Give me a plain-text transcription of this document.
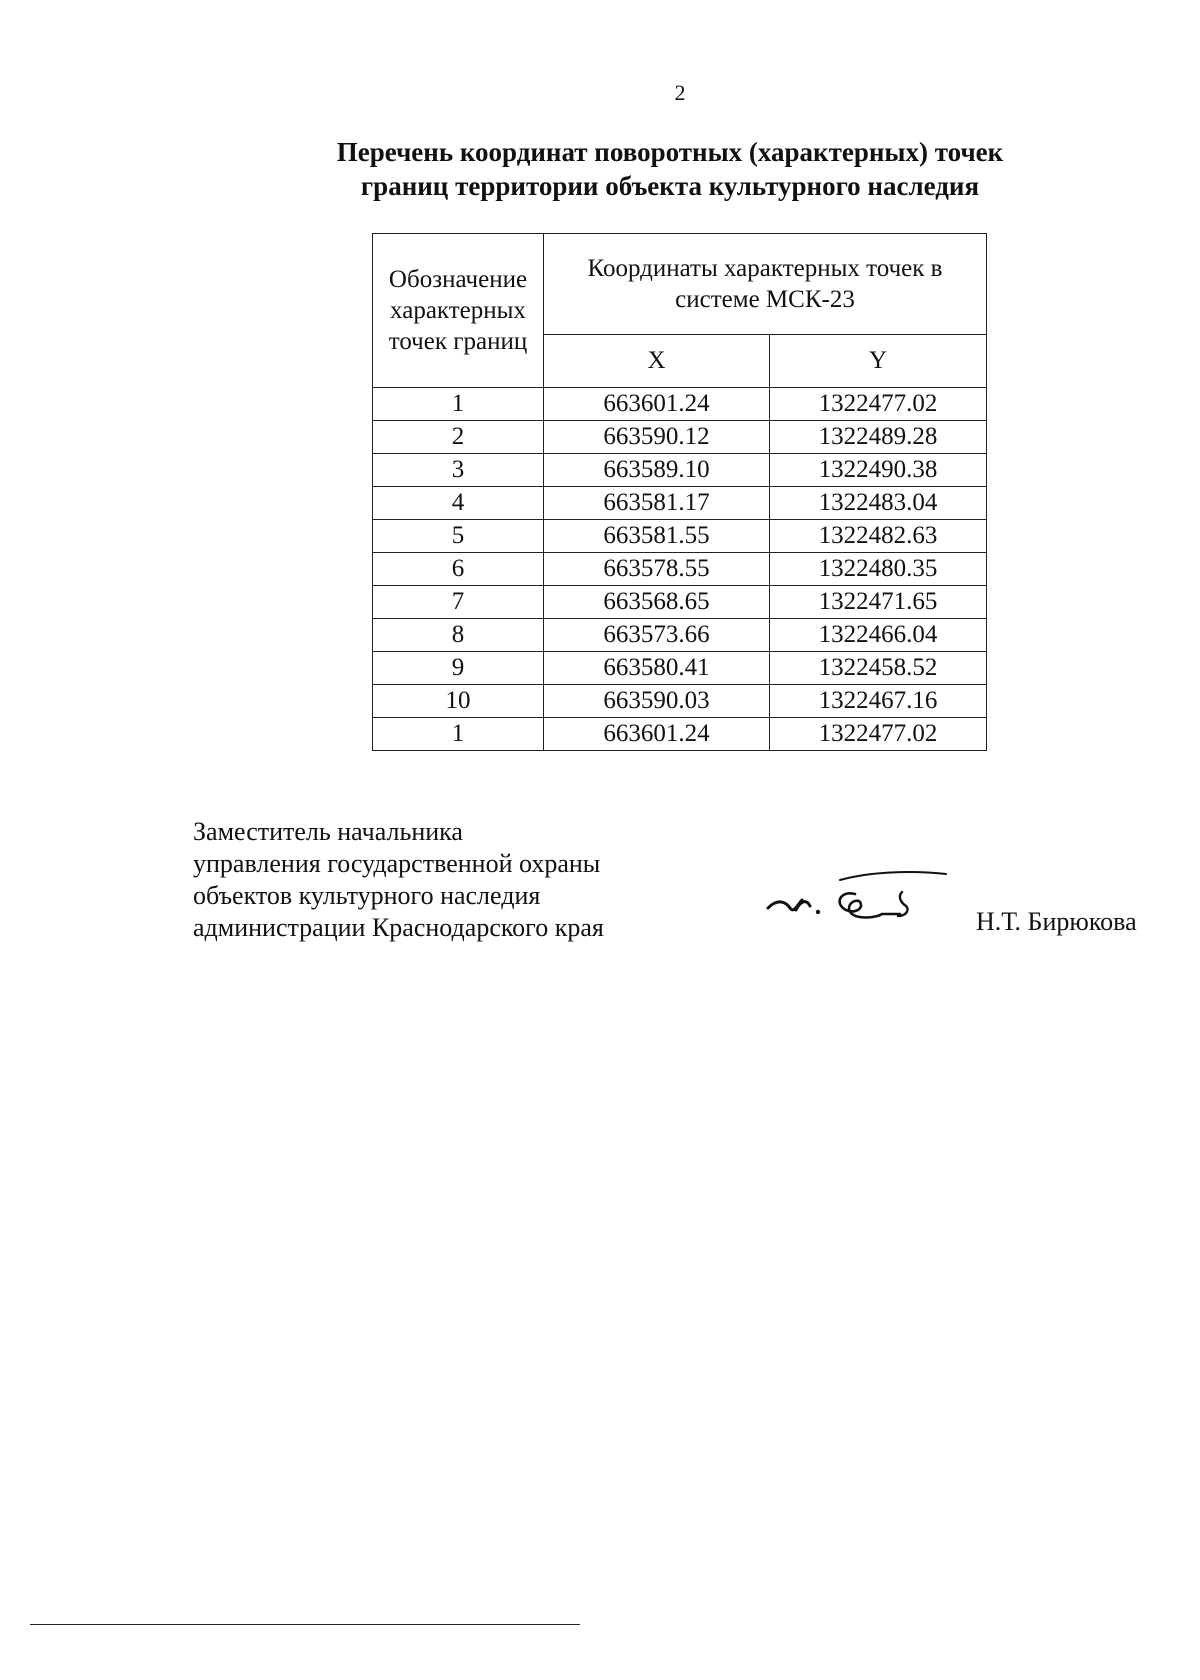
2
Перечень координат поворотных (характерных) точек
границ территории объекта культурного наследия
Обозначение характерных точек границ	Координаты характерных точек в системе МСК-23	
	X	Y
1	663601.24	1322477.02
2	663590.12	1322489.28
3	663589.10	1322490.38
4	663581.17	1322483.04
5	663581.55	1322482.63
6	663578.55	1322480.35
7	663568.65	1322471.65
8	663573.66	1322466.04
9	663580.41	1322458.52
10	663590.03	1322467.16
1	663601.24	1322477.02
Заместитель начальника
управления государственной охраны
объектов культурного наследия
администрации Краснодарского края	Н.Т. Бирюкова
